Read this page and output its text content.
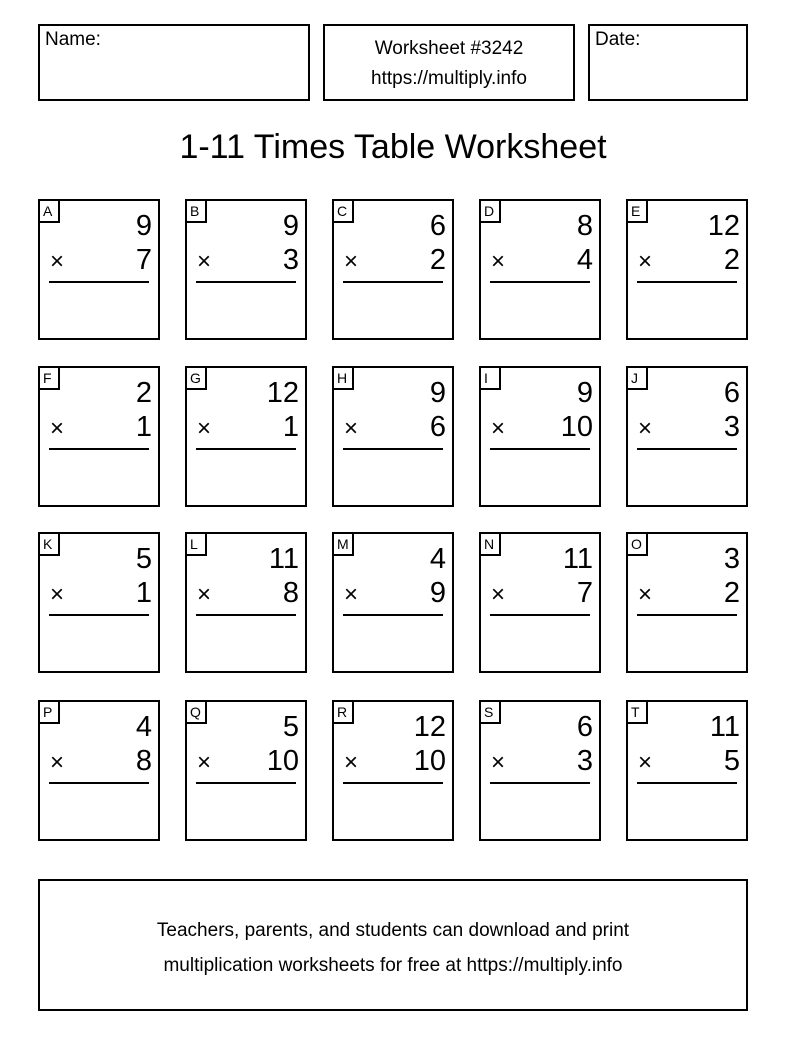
Name:	Worksheet #3242
https://multiply.info
Date:
1-11 Times Table Worksheet
A	9
× 7
B	9
× 3
C	6
× 2
D	8
× 4
E 12
× 2
F	2
× 1
G 12
× 1
H	9
× 6
I	9
× 10
J	6
× 3
K	5
× 1
L	11
× 8
M	4
× 9
N 11
× 7
O	3
× 2
P	4
× 8
Q	5
× 10
R 12
× 10
S	6
× 3
T 11
× 5
Teachers, parents, and students can download and print
multiplication worksheets for free at https://multiply.info
